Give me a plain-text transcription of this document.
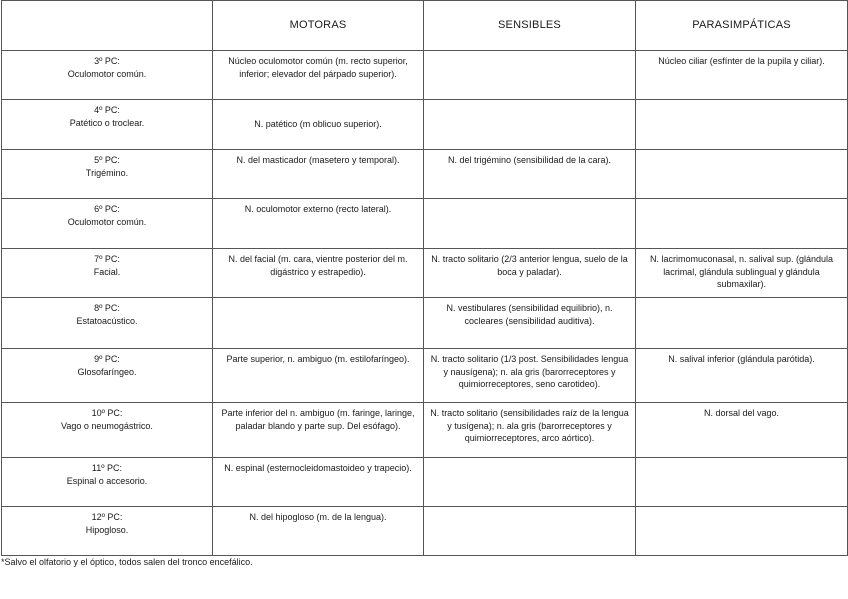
	MOTORAS	SENSIBLES	PARASIMPÁTICAS

3º PC:
Oculomotor común.	Núcleo oculomotor común (m. recto superior, inferior; elevador del párpado superior).		Núcleo ciliar (esfínter de la pupila y ciliar).

4º PC:
Patético o troclear.	N. patético (m oblicuo superior).		

5º PC:
Trigémino.	N. del masticador (masetero y temporal).	N. del trigémino (sensibilidad de la cara).	

6º PC:
Oculomotor común.	N. oculomotor externo (recto lateral).		

7º PC:
Facial.	N. del facial (m. cara, vientre posterior del m. digástrico y estrapedio).	N. tracto solitario (2/3 anterior lengua, suelo de la boca y paladar).	N. lacrimomuconasal, n. salival sup. (glándula lacrimal, glándula sublingual y glándula submaxilar).

8º PC:
Estatoacústico.		N. vestibulares (sensibilidad equilibrio), n. cocleares (sensibilidad auditiva).	

9º PC:
Glosofaríngeo.	Parte superior, n. ambiguo (m. estilofaríngeo).	N. tracto solitario (1/3 post. Sensibilidades lengua y nausígena); n. ala gris (barorreceptores y quimiorreceptores, seno carotideo).	N. salival inferior (glándula parótida).

10º PC:
Vago o neumogástrico.	Parte inferior del n. ambiguo (m. faringe, laringe, paladar blando y parte sup. Del esófago).	N. tracto solitario (sensibilidades raíz de la lengua y tusígena); n. ala gris (barorreceptores y quimiorreceptores, arco aórtico).	N. dorsal del vago.

11º PC:
Espinal o accesorio.	N. espinal (esternocleidomastoideo y trapecio).		

12º PC:
Hipogloso.	N. del hipogloso (m. de la lengua).		
*Salvo el olfatorio y el óptico, todos salen del tronco encefálico.
